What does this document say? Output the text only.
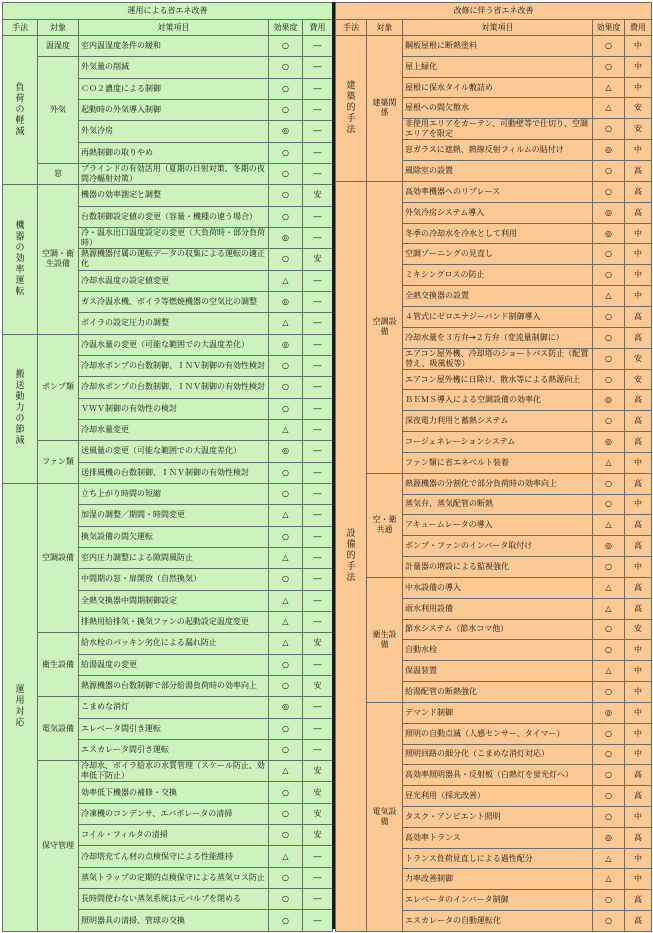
運用による省エネ改善				
手法	対象	対策項目	効果度	費用
負荷の軽減	温湿度	室内温湿度条件の緩和	○	―
	外気	外気量の削減	○	―
		ＣＯ２濃度による制御	○	―
		起動時の外気導入制御	○	―
		外気冷房	◎	―
		再熱制御の取りやめ	○	―
	窓	ブラインドの有効活用（夏期の日射対策、冬期の夜間冷輻射対策）	○	―
機器の効率運転	空調・衛生設備	機器の効率測定と調整	○	安
		台数制御設定値の変更（容量・機種の違う場合）	○	―
		冷・温水出口温度設定の変更（大負荷時・部分負荷時）	◎	―
		熱源機器付属の運転データの収集による運転の適正化	○	安
		冷却水温度の設定値変更	△	―
		ガス冷温水機、ボイラ等燃焼機器の空気比の調整	◎	―
		ボイラの設定圧力の調整	△	―
搬送動力の節減	ポンプ類	冷温水量の変更（可能な範囲での大温度差化）	◎	―
		冷却水ポンプの台数制御、ＩＮＶ制御の有効性検討	○	―
		冷却水ポンプの台数制御、ＩＮＶ制御の有効性検討	○	―
		ＶＷＶ制御の有効性の検討	○	―
		冷却水量変更	△	―
	ファン類	送風量の変更（可能な範囲での大温度差化）	◎	―
		送排風機の台数制御、ＩＮＶ制御の有効性検討	○	―
運用対応	空調設備	立ち上がり時間の短縮	○	―
		加湿の調整／期間・時間変更	△	―
		換気設備の間欠運転	○	―
		室内圧力調整による隙間風防止	△	―
		中間期の窓・扉開放（自然換気）	○	―
		全熱交換器中間期制御設定	△	―
		排熱用給排気・換気ファンの起動設定温度変更	△	―
	衛生設備	給水栓のパッキン劣化による漏れ防止	△	安
		給湯温度の変更	○	―
		熱源機器の台数制御で部分給湯負荷時の効率向上	○	安
	電気設備	こまめな消灯	◎	―
		エレベータ間引き運転	○	―
		エスカレータ間引き運転	○	―
	保守管理	冷却水、ボイラ給水の水質管理（スケール防止、効率低下防止）	△	安
		効率低下機器の補修・交換	○	安
		冷凍機のコンデンサ、エバポレータの清掃	○	安
		コイル・フィルタの清掃	○	安
		冷却塔充てん材の点検保守による性能維持	△	―
		蒸気トラップの定期的点検保守による蒸気ロス防止	○	―
		長時間使わない蒸気系統は元バルブを閉める	○	―
		照明器具の清掃、管球の交換	○	―
改修に伴う省エネ改善				
手法	対象	対策項目	効果度	費用
建築的手法	建築関係	鋼板屋根に断熱塗料	○	中
		屋上緑化	○	中
		屋根に保水タイル敷詰め	△	中
		屋根への間欠散水	△	安
		非使用エリアをカーテン、可動壁等で仕切り、空調エリアを限定	○	安
		窓ガラスに遮熱、熱線反射フィルムの貼付け	◎	中
		風除室の設置	○	高
設備的手法	空調設備	高効率機器へのリプレース	○	高
		外気冷房システム導入	◎	高
		冬季の冷却水を冷水として利用	◎	中
		空調ゾーニングの見直し	○	中
		ミキシングロスの防止	○	中
		全熱交換器の設置	△	中
		４管式にゼロエナジーバンド制御導入	○	高
		冷却水量を３方弁→２方弁（変流量制御に）	○	高
		エアコン屋外機、冷却塔のショートパス防止（配置替え、吸風板等）	○	安
		エアコン屋外機に日除け、散水等による熱源向上	○	安
		ＢＥＭＳ導入による空調設備の効率化	◎	高
		深夜電力利用と蓄熱システム	○	高
		コージェネレーションシステム	◎	高
		ファン類に省エネベルト装着	△	中
	空・衛共通	熱源機器の分割化で部分負荷時の効率向上	○	高
		蒸気弁、蒸気配管の断熱	○	中
		アキュームレータの導入	△	高
		ポンプ・ファンのインバータ取付け	◎	高
		計量器の増設による監視強化	○	中
	衛生設備	中水設備の導入	△	高
		雨水利用設備	△	高
		節水システム（節水コマ他）	○	安
		自動水栓	○	中
		保温装置	△	中
		給湯配管の断熱強化	○	中
	電気設備	デマンド制御	◎	中
		照明の自動点滅（人感センサー、タイマー）	○	中
		照明回路の細分化（こまめな消灯対応）	○	中
		高効率照明器具・反射板（白熱灯を蛍光灯へ）	○	高
		昼光利用（採光改善）	○	高
		タスク・アンビエント照明	○	中
		高効率トランス	◎	高
		トランス負荷見直しによる過性配分	△	中
		力率改善制御	△	中
		エレベータのインバータ制御	○	高
		エスカレータの自動運転化	○	高
